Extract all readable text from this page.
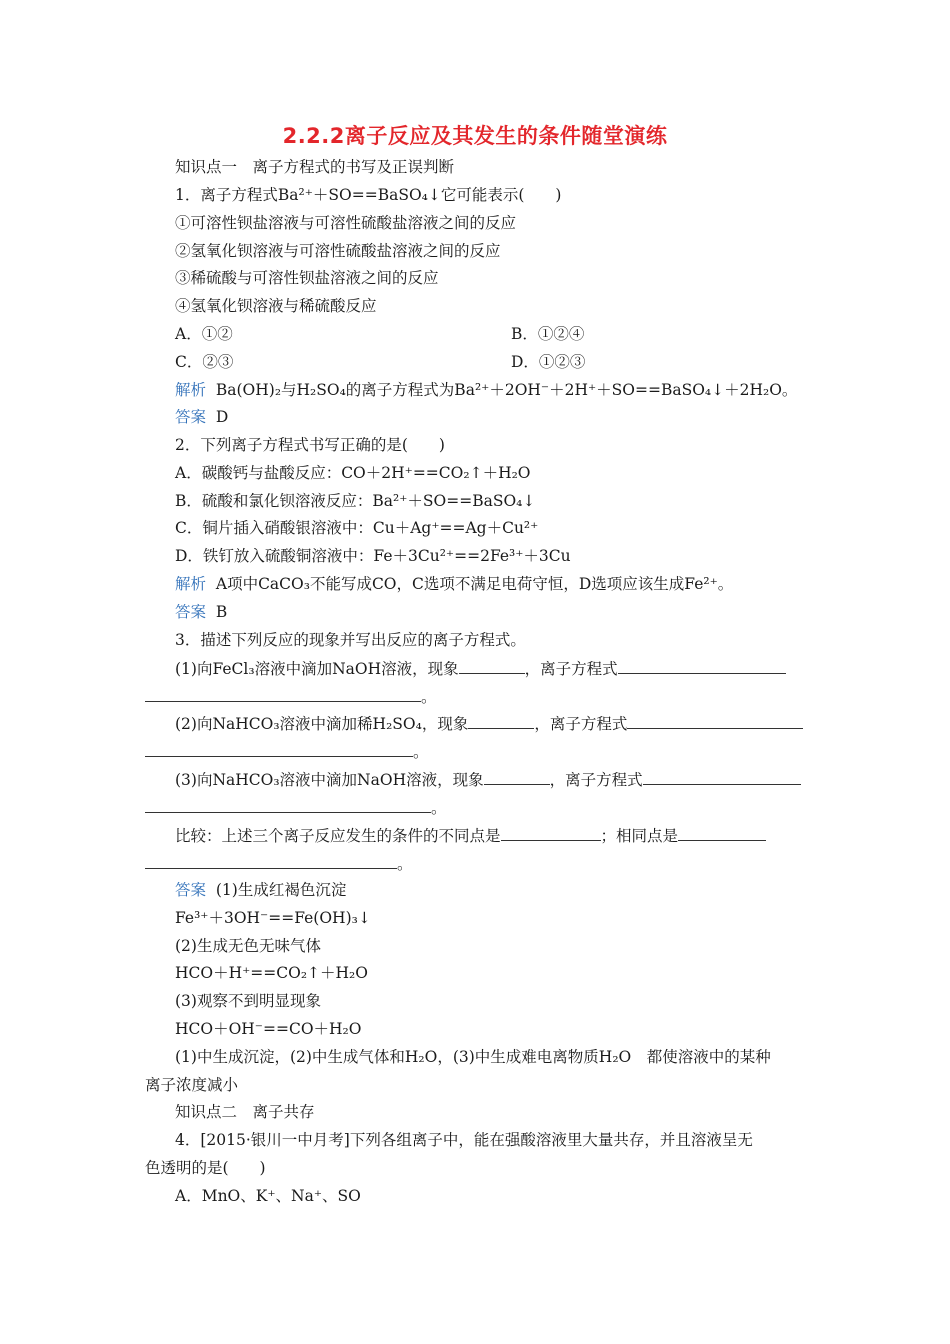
2.2.2离子反应及其发生的条件随堂演练
知识点一　离子方程式的书写及正误判断
1．离子方程式Ba²⁺＋SO==BaSO₄↓它可能表示(　　)
①可溶性钡盐溶液与可溶性硫酸盐溶液之间的反应
②氢氧化钡溶液与可溶性硫酸盐溶液之间的反应
③稀硫酸与可溶性钡盐溶液之间的反应
④氢氧化钡溶液与稀硫酸反应
A．①②	B．①②④
C．②③	D．①②③
解析 Ba(OH)₂与H₂SO₄的离子方程式为Ba²⁺＋2OH⁻＋2H⁺＋SO==BaSO₄↓＋2H₂O。
答案 D
2．下列离子方程式书写正确的是(　　)
A．碳酸钙与盐酸反应：CO＋2H⁺==CO₂↑＋H₂O
B．硫酸和氯化钡溶液反应：Ba²⁺＋SO==BaSO₄↓
C．铜片插入硝酸银溶液中：Cu＋Ag⁺==Ag＋Cu²⁺
D．铁钉放入硫酸铜溶液中：Fe＋3Cu²⁺==2Fe³⁺＋3Cu
解析 A项中CaCO₃不能写成CO，C选项不满足电荷守恒，D选项应该生成Fe²⁺。
答案 B
3．描述下列反应的现象并写出反应的离子方程式。
(1)向FeCl₃溶液中滴加NaOH溶液，现象	，离子方程式
。
(2)向NaHCO₃溶液中滴加稀H₂SO₄，现象	，离子方程式
。
(3)向NaHCO₃溶液中滴加NaOH溶液，现象	，离子方程式
。
比较：上述三个离子反应发生的条件的不同点是	；相同点是
。
答案 (1)生成红褐色沉淀
Fe³⁺＋3OH⁻==Fe(OH)₃↓
(2)生成无色无味气体
HCO＋H⁺==CO₂↑＋H₂O
(3)观察不到明显现象
HCO＋OH⁻==CO＋H₂O
(1)中生成沉淀，(2)中生成气体和H₂O，(3)中生成难电离物质H₂O　都使溶液中的某种
离子浓度减小
知识点二　离子共存
4．[2015·银川一中月考]下列各组离子中，能在强酸溶液里大量共存，并且溶液呈无
色透明的是(　　)
A．MnO、K⁺、Na⁺、SO
